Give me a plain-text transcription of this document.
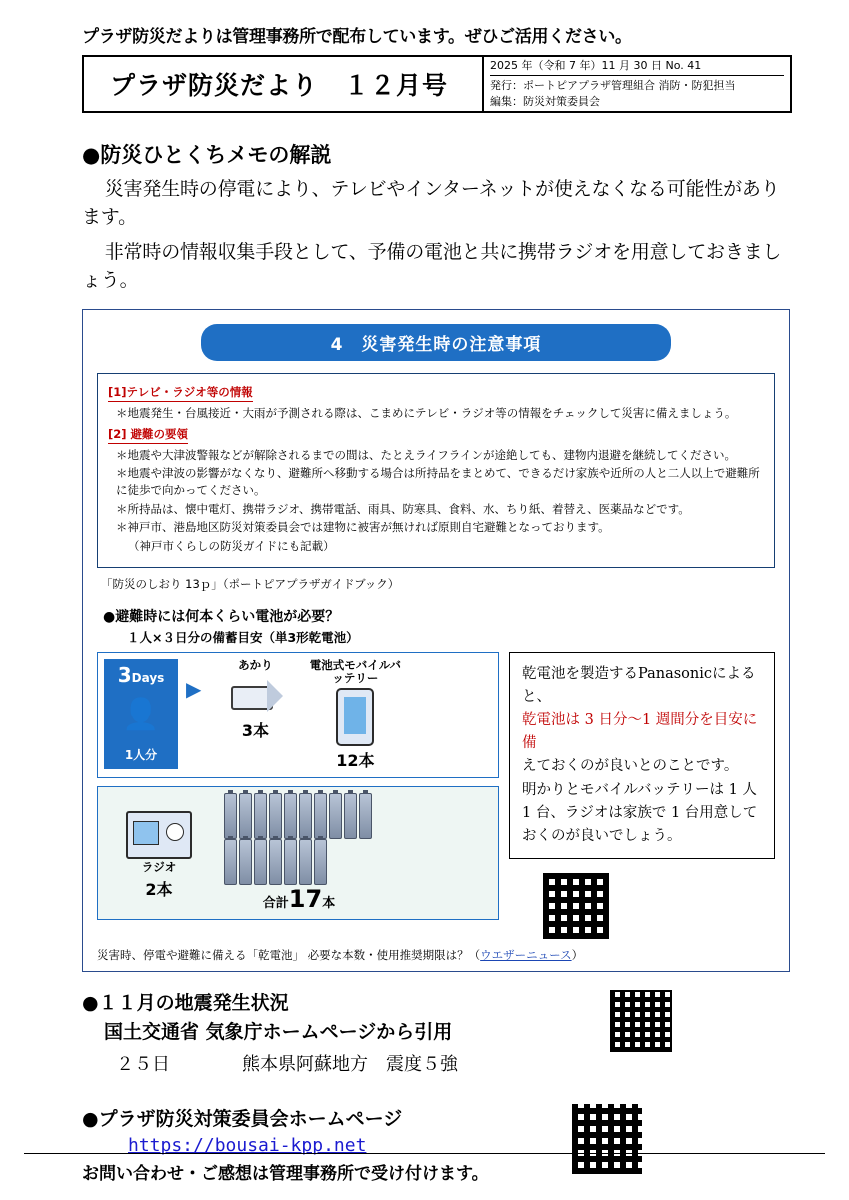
プラザ防災だよりは管理事務所で配布しています。ぜひご活用ください。
プラザ防災だより　１２月号
2025 年（令和 7 年）11 月 30 日 No. 41
発行：ポートピアプラザ管理組合 消防・防犯担当
編集：防災対策委員会
●防災ひとくちメモの解説
災害発生時の停電により、テレビやインターネットが使えなくなる可能性があります。
非常時の情報収集手段として、予備の電池と共に携帯ラジオを用意しておきましょう。
4　災害発生時の注意事項
[1]テレビ・ラジオ等の情報
＊地震発生・台風接近・大雨が予測される際は、こまめにテレビ・ラジオ等の情報をチェックして災害に備えましょう。
[2] 避難の要領
＊地震や大津波警報などが解除されるまでの間は、たとえライフラインが途絶しても、建物内退避を継続してください。
＊地震や津波の影響がなくなり、避難所へ移動する場合は所持品をまとめて、できるだけ家族や近所の人と二人以上で避難所に徒歩で向かってください。
＊所持品は、懐中電灯、携帯ラジオ、携帯電話、雨具、防寒具、食料、水、ちり紙、着替え、医薬品などです。
＊神戸市、港島地区防災対策委員会では建物に被害が無ければ原則自宅避難となっております。
（神戸市くらしの防災ガイドにも記載）
「防災のしおり 13ｐ」（ポートピアプラザガイドブック）
●避難時には何本くらい電池が必要？
１人×３日分の備蓄目安（単3形乾電池）
3Days
👤
1人分
▶
あかり
3本
電池式モバイルバッテリー
12本
ラジオ
2本
合計17本
乾電池を製造するPanasonicによると、
乾電池は 3 日分〜1 週間分を目安に備
えておくのが良いとのことです。
明かりとモバイルバッテリーは 1 人 1 台、ラジオは家族で 1 台用意しておくのが良いでしょう。
災害時、停電や避難に備える「乾電池」 必要な本数・使用推奨期限は？（ウエザーニュース）
●１１月の地震発生状況
国土交通省 気象庁ホームページから引用
２５日　　　　熊本県阿蘇地方　震度５強
●プラザ防災対策委員会ホームページ
https://bousai-kpp.net
お問い合わせ・ご感想は管理事務所で受け付けます。
